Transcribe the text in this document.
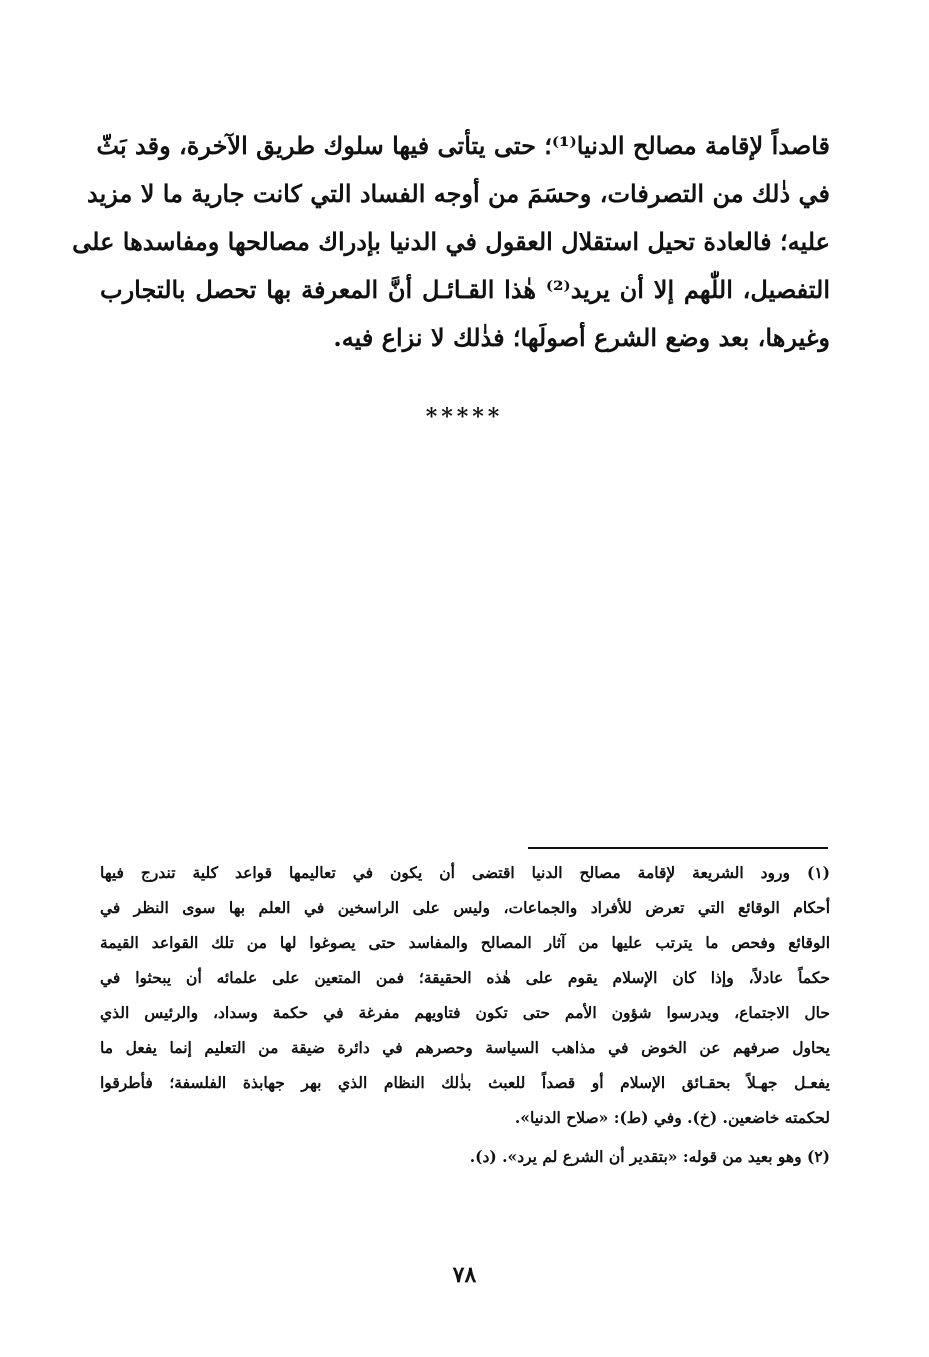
قاصداً لإقامة مصالح الدنيا⁽¹⁾؛ حتى يتأتى فيها سلوك طريق الآخرة، وقد بَثّ
في ذٰلك من التصرفات، وحسَمَ من أوجه الفساد التي كانت جارية ما لا مزيد
عليه؛ فالعادة تحيل استقلال العقول في الدنيا بإدراك مصالحها ومفاسدها على
التفصيل، اللّٰهم إلا أن يريد⁽²⁾ هٰذا القـائـل أنَّ المعرفة بها تحصل بالتجارب
وغيرها، بعد وضع الشرع أصولَها؛ فذٰلك لا نزاع فيه.
*****
(١) ورود الشريعة لإقامة مصالح الدنيا اقتضى أن يكون في تعاليمها قواعد كلية تندرج فيها
أحكام الوقائع التي تعرض للأفراد والجماعات، وليس على الراسخين في العلم بها سوى النظر في
الوقائع وفحص ما يترتب عليها من آثار المصالح والمفاسد حتى يصوغوا لها من تلك القواعد القيمة
حكماً عادلاً، وإذا كان الإسلام يقوم على هٰذه الحقيقة؛ فمن المتعين على علمائه أن يبحثوا في
حال الاجتماع، ويدرسوا شؤون الأمم حتى تكون فتاويهم مفرغة في حكمة وسداد، والرئيس الذي
يحاول صرفهم عن الخوض في مذاهب السياسة وحصرهم في دائرة ضيقة من التعليم إنما يفعل ما
يفعـل جهـلاً بحقـائق الإسلام أو قصداً للعبث بذٰلك النظام الذي بهر جهابذة الفلسفة؛ فأطرقوا
لحكمته خاضعين. (خ). وفي (ط): «صلاح الدنيا».
(٢) وهو بعيد من قوله: «بتقدير أن الشرع لم يرد». (د).
٧٨
